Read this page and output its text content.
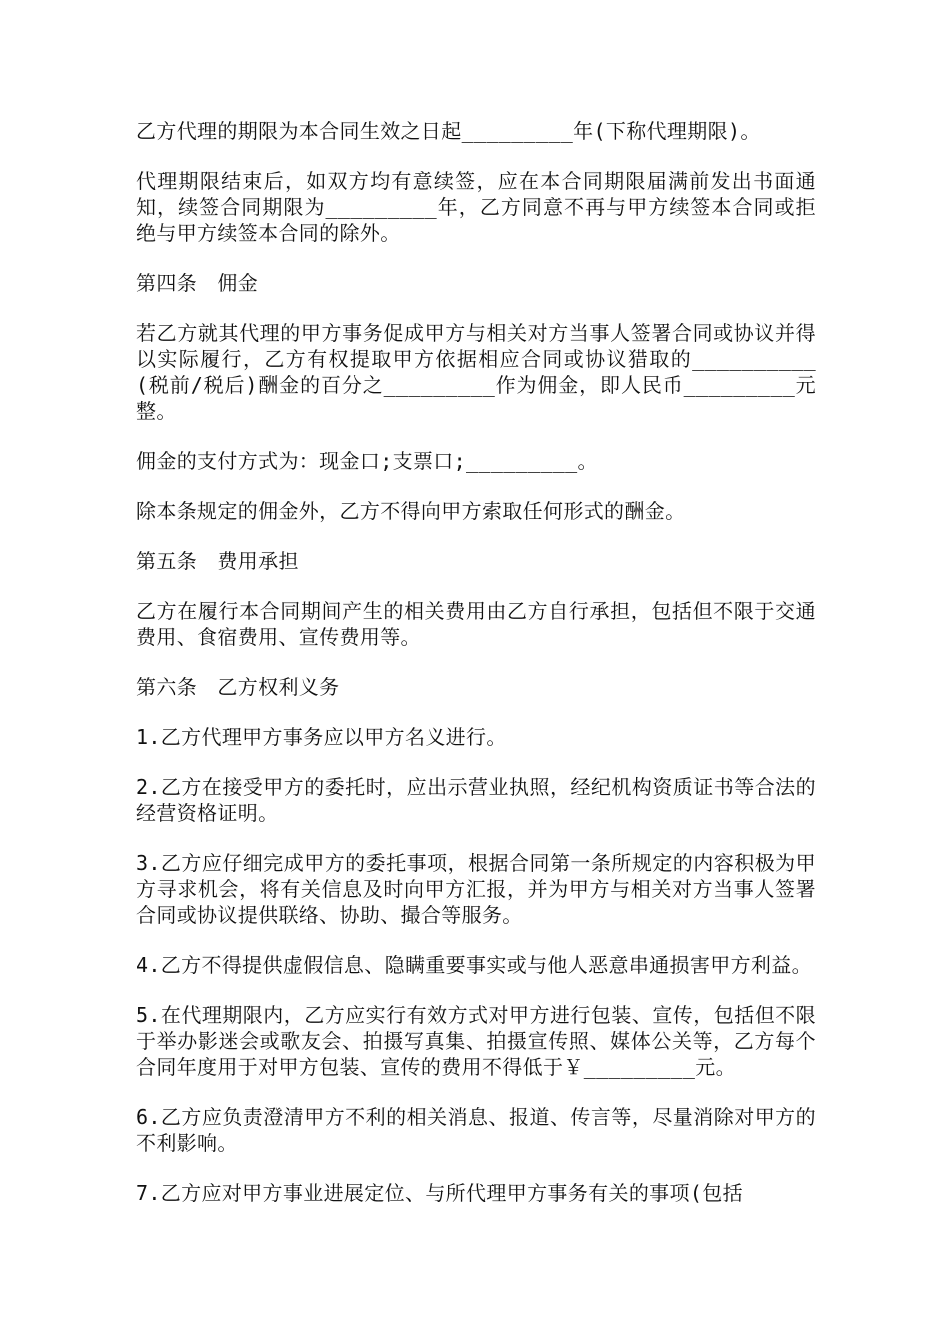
乙方代理的期限为本合同生效之日起_________年(下称代理期限)。

代理期限结束后，如双方均有意续签，应在本合同期限届满前发出书面通知，续签合同期限为_________年，乙方同意不再与甲方续签本合同或拒绝与甲方续签本合同的除外。

第四条　佣金

若乙方就其代理的甲方事务促成甲方与相关对方当事人签署合同或协议并得以实际履行，乙方有权提取甲方依据相应合同或协议猎取的__________(税前/税后)酬金的百分之_________作为佣金，即人民币_________元整。

佣金的支付方式为：现金口;支票口;_________。

除本条规定的佣金外，乙方不得向甲方索取任何形式的酬金。

第五条　费用承担

乙方在履行本合同期间产生的相关费用由乙方自行承担，包括但不限于交通费用、食宿费用、宣传费用等。

第六条　乙方权利义务

1.乙方代理甲方事务应以甲方名义进行。

2.乙方在接受甲方的委托时，应出示营业执照，经纪机构资质证书等合法的经营资格证明。

3.乙方应仔细完成甲方的委托事项，根据合同第一条所规定的内容积极为甲方寻求机会，将有关信息及时向甲方汇报，并为甲方与相关对方当事人签署合同或协议提供联络、协助、撮合等服务。

4.乙方不得提供虚假信息、隐瞒重要事实或与他人恶意串通损害甲方利益。

5.在代理期限内，乙方应实行有效方式对甲方进行包装、宣传，包括但不限于举办影迷会或歌友会、拍摄写真集、拍摄宣传照、媒体公关等，乙方每个合同年度用于对甲方包装、宣传的费用不得低于￥_________元。

6.乙方应负责澄清甲方不利的相关消息、报道、传言等，尽量消除对甲方的不利影响。

7.乙方应对甲方事业进展定位、与所代理甲方事务有关的事项(包括
